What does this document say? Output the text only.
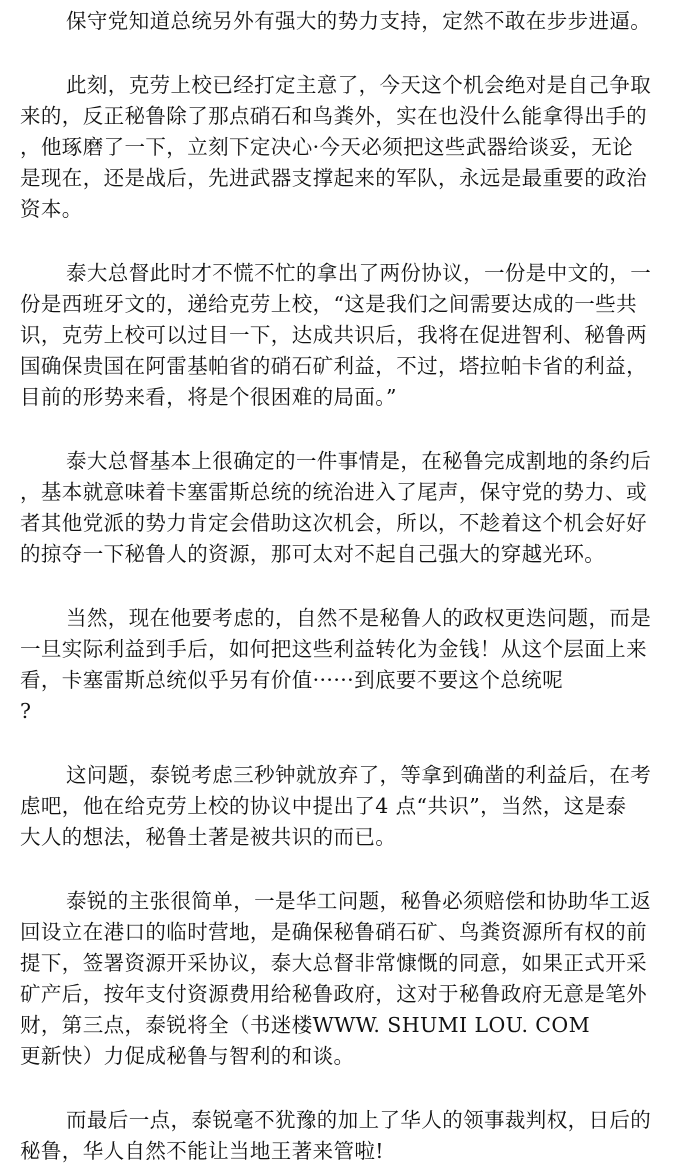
保守党知道总统另外有强大的势力支持，定然不敢在步步进逼。
此刻，克劳上校已经打定主意了，今天这个机会绝对是自己争取
来的，反正秘鲁除了那点硝石和鸟粪外，实在也没什么能拿得出手的
，他琢磨了一下，立刻下定决心·今天必须把这些武器给谈妥，无论
是现在，还是战后，先进武器支撑起来的军队，永远是最重要的政治
资本。
泰大总督此时才不慌不忙的拿出了两份协议，一份是中文的，一
份是西班牙文的，递给克劳上校，“这是我们之间需要达成的一些共
识，克劳上校可以过目一下，达成共识后，我将在促进智利、秘鲁两
国确保贵国在阿雷基帕省的硝石矿利益，不过，塔拉帕卡省的利益，
目前的形势来看，将是个很困难的局面。”
泰大总督基本上很确定的一件事情是，在秘鲁完成割地的条约后
，基本就意味着卡塞雷斯总统的统治进入了尾声，保守党的势力、或
者其他党派的势力肯定会借助这次机会，所以，不趁着这个机会好好
的掠夺一下秘鲁人的资源，那可太对不起自己强大的穿越光环。
当然，现在他要考虑的，自然不是秘鲁人的政权更迭问题，而是
一旦实际利益到手后，如何把这些利益转化为金钱！从这个层面上来
看，卡塞雷斯总统似乎另有价值······到底要不要这个总统呢
?
这问题，泰锐考虑三秒钟就放弃了，等拿到确凿的利益后，在考
虑吧，他在给克劳上校的协议中提出了4 点“共识”，当然，这是泰
大人的想法，秘鲁土著是被共识的而已。
泰锐的主张很简单，一是华工问题，秘鲁必须赔偿和协助华工返
回设立在港口的临时营地，是确保秘鲁硝石矿、鸟粪资源所有权的前
提下，签署资源开采协议，泰大总督非常慷慨的同意，如果正式开采
矿产后，按年支付资源费用给秘鲁政府，这对于秘鲁政府无意是笔外
财，第三点，泰锐将全（书迷楼WWW. SHUMI LOU. COM
更新快）力促成秘鲁与智利的和谈。
而最后一点，泰锐毫不犹豫的加上了华人的领事裁判权，日后的
秘鲁，华人自然不能让当地王著来管啦!
